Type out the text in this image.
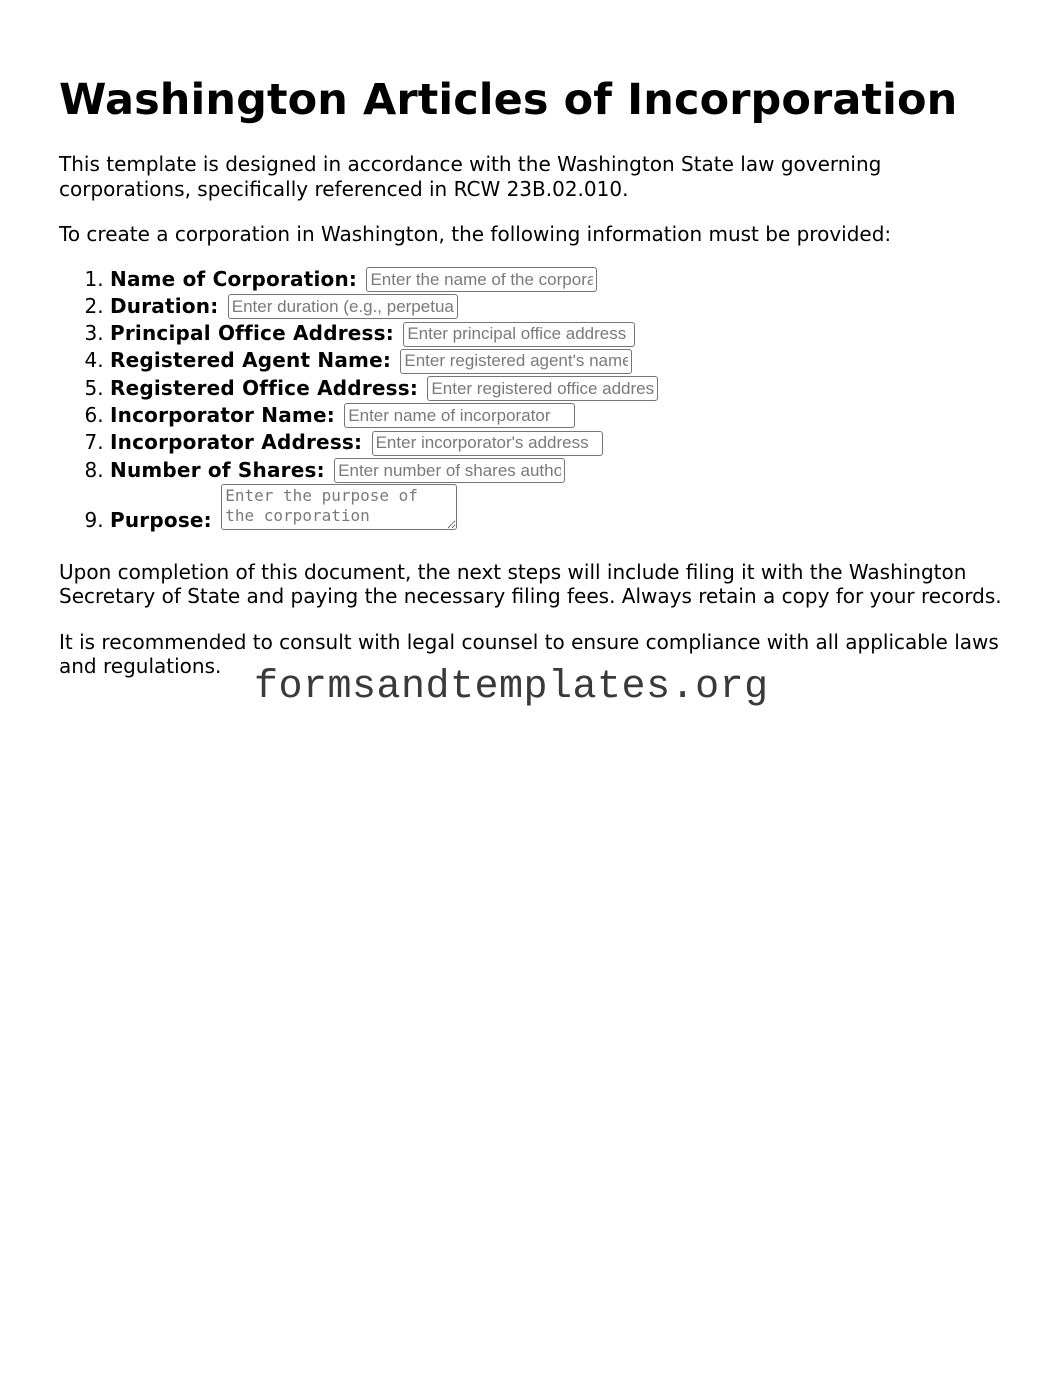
Washington Articles of Incorporation

This template is designed in accordance with the Washington State law governing corporations, specifically referenced in RCW 23B.02.010.

To create a corporation in Washington, the following information must be provided:

1. Name of Corporation: Enter the name of the corporation
2. Duration: Enter duration (e.g., perpetual)
3. Principal Office Address: Enter principal office address
4. Registered Agent Name: Enter registered agent's name
5. Registered Office Address: Enter registered office address
6. Incorporator Name: Enter name of incorporator
7. Incorporator Address: Enter incorporator's address
8. Number of Shares: Enter number of shares authorized
9. Purpose: Enter the purpose of the corporation

Upon completion of this document, the next steps will include filing it with the Washington Secretary of State and paying the necessary filing fees. Always retain a copy for your records.

It is recommended to consult with legal counsel to ensure compliance with all applicable laws and regulations. formsandtemplates.org
